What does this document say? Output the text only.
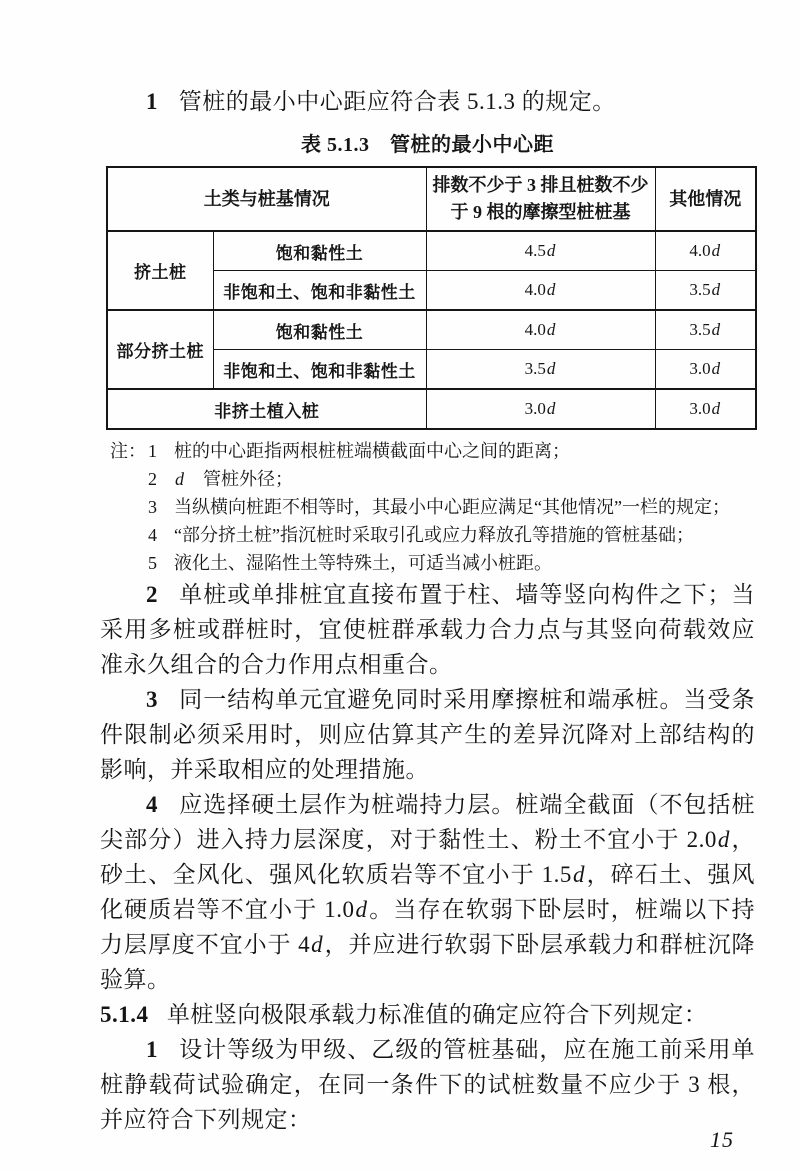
1 管桩的最小中心距应符合表 5.1.3 的规定。

表 5.1.3　管桩的最小中心距
土类与桩基情况		排数不少于 3 排且桩数不少于 9 根的摩擦型桩桩基	其他情况
挤土桩	饱和黏性土	4.5d	4.0d
	非饱和土、饱和非黏性土	4.0d	3.5d
部分挤土桩	饱和黏性土	4.0d	3.5d
	非饱和土、饱和非黏性土	3.5d	3.0d
非挤土植入桩		3.0d	3.0d
注： 1 桩的中心距指两根桩桩端横截面中心之间的距离；
2	d　管桩外径；
3 当纵横向桩距不相等时，其最小中心距应满足“其他情况”一栏的规定；
4 “部分挤土桩”指沉桩时采取引孔或应力释放孔等措施的管桩基础；
5 液化土、湿陷性土等特殊土，可适当减小桩距。

2 单桩或单排桩宜直接布置于柱、墙等竖向构件之下；当采用多桩或群桩时，宜使桩群承载力合力点与其竖向荷载效应准永久组合的合力作用点相重合。

3 同一结构单元宜避免同时采用摩擦桩和端承桩。当受条件限制必须采用时，则应估算其产生的差异沉降对上部结构的影响，并采取相应的处理措施。

4 应选择硬土层作为桩端持力层。桩端全截面（不包括桩尖部分）进入持力层深度，对于黏性土、粉土不宜小于 2.0d，砂土、全风化、强风化软质岩等不宜小于 1.5d，碎石土、强风化硬质岩等不宜小于 1.0d。当存在软弱下卧层时，桩端以下持力层厚度不宜小于 4d，并应进行软弱下卧层承载力和群桩沉降验算。

5.1.4 单桩竖向极限承载力标准值的确定应符合下列规定：

1 设计等级为甲级、乙级的管桩基础，应在施工前采用单桩静载荷试验确定，在同一条件下的试桩数量不应少于 3 根，并应符合下列规定：

15
